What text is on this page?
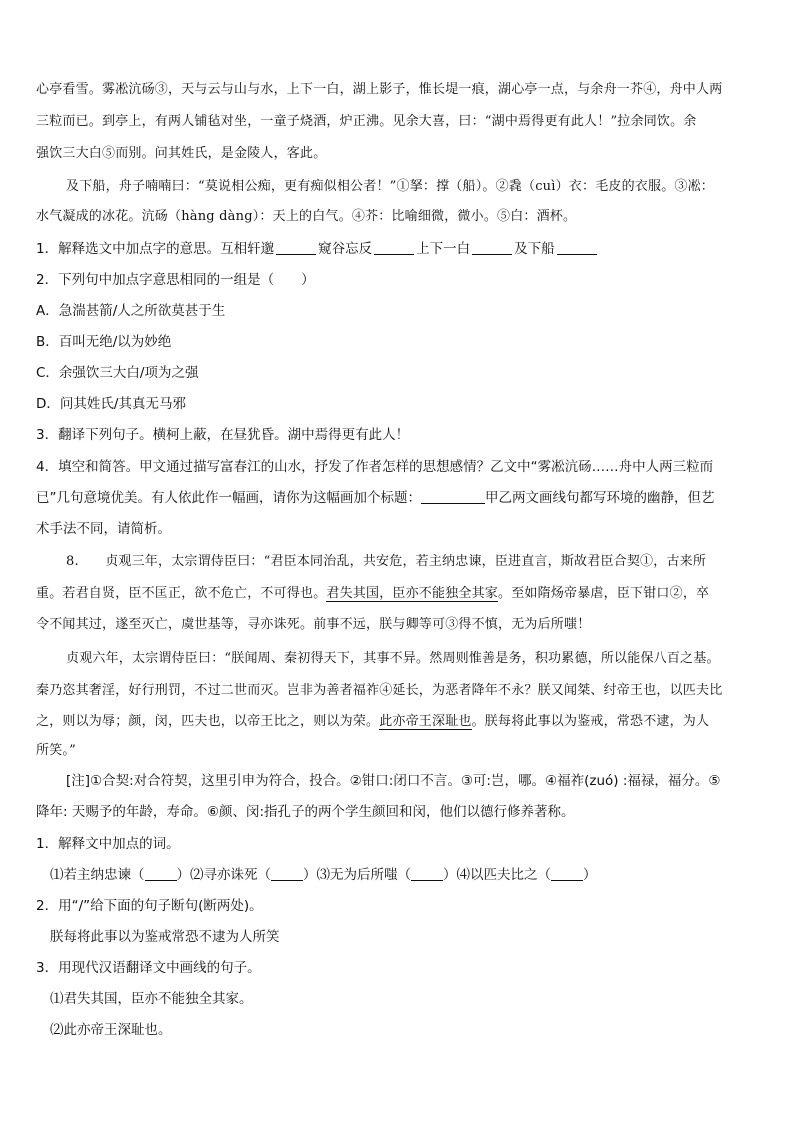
心亭看雪。雾凇沆砀③，天与云与山与水，上下一白，湖上影子，惟长堤一痕，湖心亭一点，与余舟一芥④，舟中人两
三粒而已。到亭上，有两人铺毡对坐，一童子烧酒，炉正沸。见余大喜，曰：“湖中焉得更有此人！”拉余同饮。余
强饮三大白⑤而别。问其姓氏，是金陵人，客此。
及下船，舟子喃喃曰：“莫说相公痴，更有痴似相公者！”①拏：撑（船）。②毳（cuì）衣：毛皮的衣服。③凇：
水气凝成的冰花。沆砀（hàng dàng）：天上的白气。④芥：比喻细微，微小。⑤白：酒杯。
1．解释选文中加点字的意思。互相轩邈	窥谷忘反	上下一白	及下船
2．下列句中加点字意思相同的一组是（　　）
A．急湍甚箭/人之所欲莫甚于生
B．百叫无绝/以为妙绝
C．余强饮三大白/项为之强
D．问其姓氏/其真无马邪
3．翻译下列句子。横柯上蔽，在昼犹昏。湖中焉得更有此人！
4．填空和简答。甲文通过描写富春江的山水，抒发了作者怎样的思想感情？乙文中“雾凇沆砀……舟中人两三粒而
已”几句意境优美。有人依此作一幅画，请你为这幅画加个标题：	甲乙两文画线句都写环境的幽静，但艺
术手法不同，请简析。
8.　　贞观三年，太宗谓侍臣曰：“君臣本同治乱，共安危，若主纳忠谏，臣进直言，斯故君臣合契①，古来所
重。若君自贤，臣不匡正，欲不危亡，不可得也。君失其国，臣亦不能独全其家。至如隋炀帝暴虐，臣下钳口②，卒
令不闻其过，遂至灭亡，虞世基等，寻亦诛死。前事不远，朕与卿等可③得不慎，无为后所嗤！
贞观六年，太宗谓侍臣曰：“朕闻周、秦初得天下，其事不异。然周则惟善是务，积功累德，所以能保八百之基。
秦乃恣其奢淫，好行刑罚，不过二世而灭。岂非为善者福祚④延长，为恶者降年不永？朕又闻桀、纣帝王也，以匹夫比
之，则以为辱；颜，闵，匹夫也，以帝王比之，则以为荣。此亦帝王深耻也。朕每将此事以为鉴戒，常恐不逮，为人
所笑。”
[注]①合契:对合符契，这里引申为符合，投合。②钳口:闭口不言。③可:岂，哪。④福祚(zuó) :福禄，福分。⑤
降年: 天赐予的年龄，寿命。⑥颜、闵:指孔子的两个学生颜回和闵，他们以德行修养著称。
1．解释文中加点的词。
⑴若主纳忠谏（ ）⑵寻亦诛死（ ）⑶无为后所嗤（ ）⑷以匹夫比之（ ）
2．用“/”给下面的句子断句(断两处)。
朕每将此事以为鉴戒常恐不逮为人所笑
3．用现代汉语翻译文中画线的句子。
⑴君失其国，臣亦不能独全其家。
⑵此亦帝王深耻也。
